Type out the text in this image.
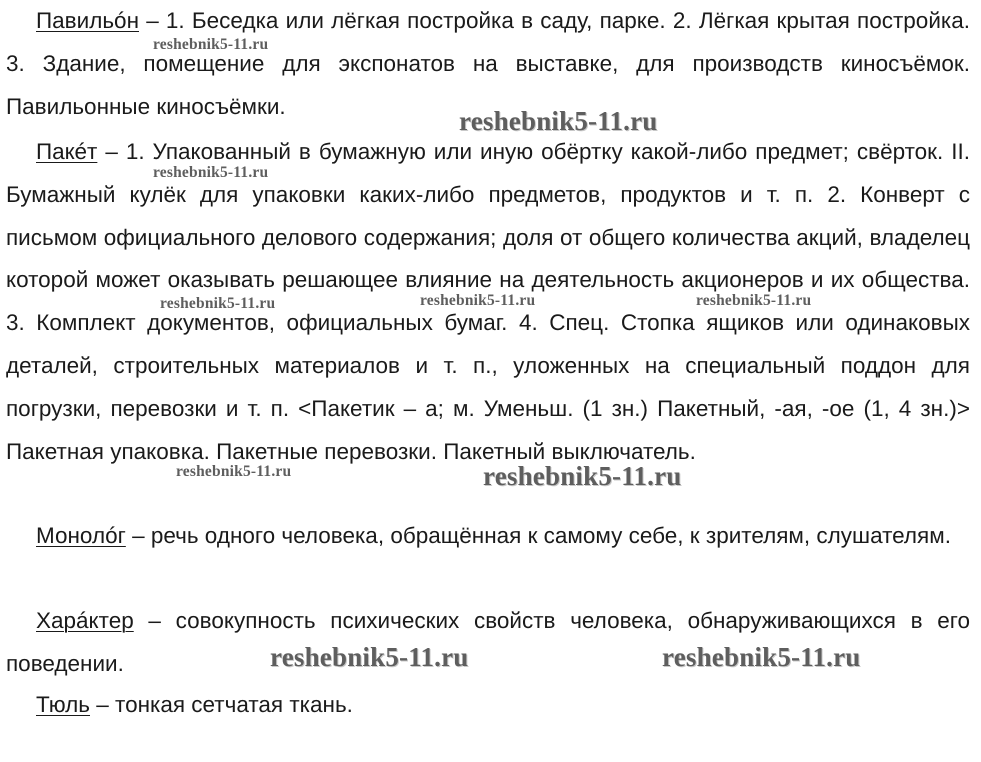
Павильóн – 1. Беседка или лёгкая постройка в саду, парке. 2. Лёгкая крытая постройка. 3. Здание, помещение для экспонатов на выставке, для производств киносъёмок. Павильонные киносъёмки.

Пакéт – 1. Упакованный в бумажную или иную обёртку какой-либо предмет; свёрток. II. Бумажный кулёк для упаковки каких-либо предметов, продуктов и т. п. 2. Конверт с письмом официального делового содержания; доля от общего количества акций, владелец которой может оказывать решающее влияние на деятельность акционеров и их общества. 3. Комплект документов, официальных бумаг. 4. Спец. Стопка ящиков или одинаковых деталей, строительных материалов и т. п., уложенных на специальный поддон для погрузки, перевозки и т. п. <Пакетик – а; м. Уменьш. (1 зн.) Пакетный, -ая, -ое (1, 4 зн.)> Пакетная упаковка. Пакетные перевозки. Пакетный выключатель.

Монолóг – речь одного человека, обращённая к самому себе, к зрителям, слушателям.

Харáктер – совокупность психических свойств человека, обнаруживающихся в его поведении.

Тюль – тонкая сетчатая ткань.

reshebnik5-11.ru
reshebnik5-11.ru
reshebnik5-11.ru
reshebnik5-11.ru	reshebnik5-11.ru	reshebnik5-11.ru
reshebnik5-11.ru	reshebnik5-11.ru
reshebnik5-11.ru	reshebnik5-11.ru
